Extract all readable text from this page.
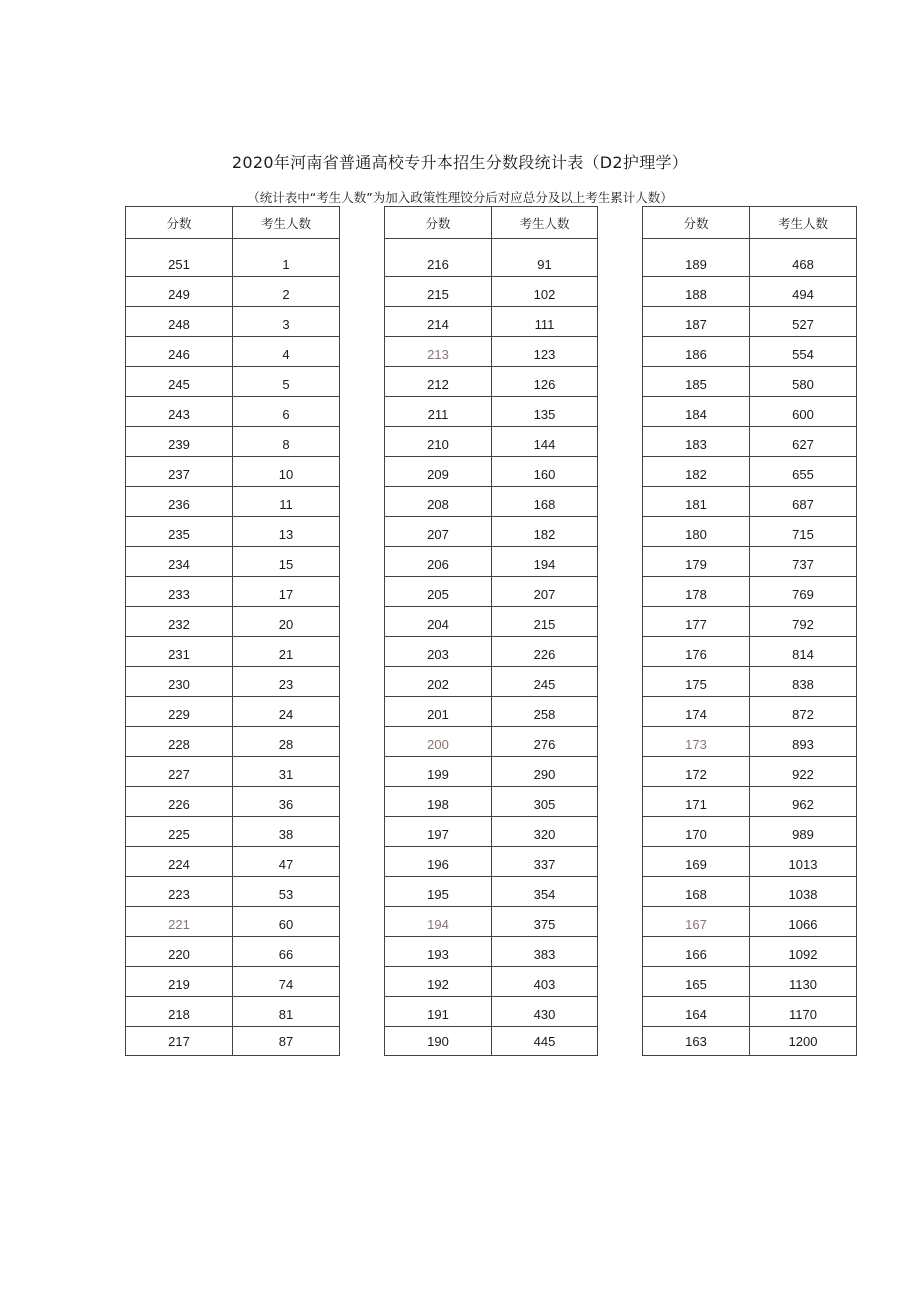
2020年河南省普通高校专升本招生分数段统计表（D2护理学）
（统计表中“考生人数”为加入政策性理饺分后对应总分及以上考生累计人数）
分数	考生人数

251	1
249	2
248	3
246	4
245	5
243	6
239	8
237	10
236	11
235	13
234	15
233	17
232	20
231	21
230	23
229	24
228	28
227	31
226	36
225	38
224	47
223	53
221	60
220	66
219	74
218	81
217	87
分数	考生人数

216	91
215	102
214	111
213	123
212	126
211	135
210	144
209	160
208	168
207	182
206	194
205	207
204	215
203	226
202	245
201	258
200	276
199	290
198	305
197	320
196	337
195	354
194	375
193	383
192	403
191	430
190	445
分数	考生人数

189	468
188	494
187	527
186	554
185	580
184	600
183	627
182	655
181	687
180	715
179	737
178	769
177	792
176	814
175	838
174	872
173	893
172	922
171	962
170	989
169	1013
168	1038
167	1066
166	1092
165	1130
164	1170
163	1200
